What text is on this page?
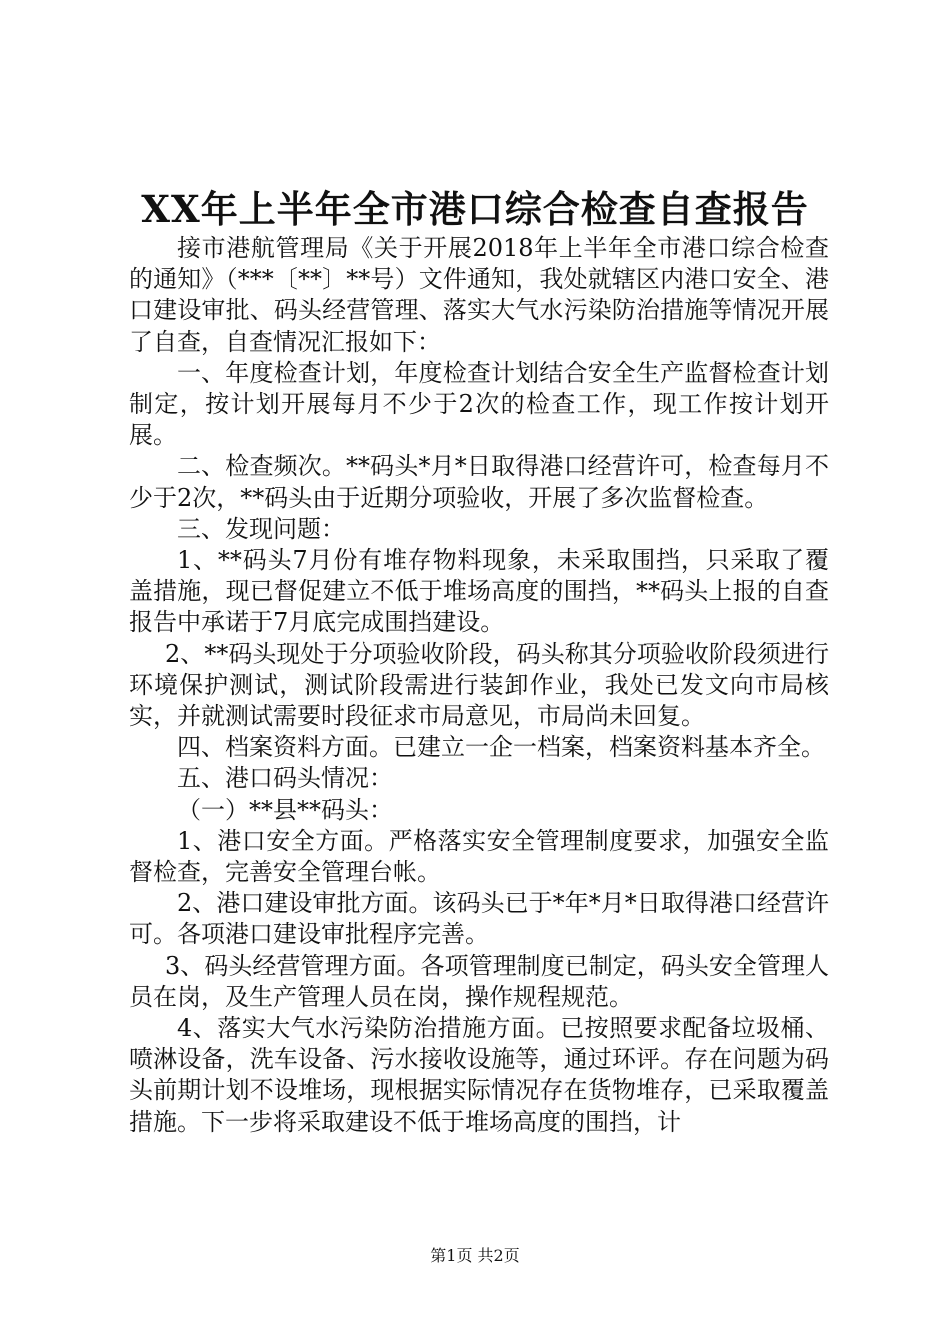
XX年上半年全市港口综合检查自查报告

接市港航管理局《关于开展2018年上半年全市港口综合检查的通知》（***〔**〕**号）文件通知，我处就辖区内港口安全、港口建设审批、码头经营管理、落实大气水污染防治措施等情况开展了自查，自查情况汇报如下：

一、年度检查计划，年度检查计划结合安全生产监督检查计划制定，按计划开展每月不少于2次的检查工作，现工作按计划开展。

二、检查频次。**码头*月*日取得港口经营许可，检查每月不少于2次，**码头由于近期分项验收，开展了多次监督检查。

三、发现问题：

1、**码头7月份有堆存物料现象，未采取围挡，只采取了覆盖措施，现已督促建立不低于堆场高度的围挡，**码头上报的自查报告中承诺于7月底完成围挡建设。

2、**码头现处于分项验收阶段，码头称其分项验收阶段须进行环境保护测试，测试阶段需进行装卸作业，我处已发文向市局核实，并就测试需要时段征求市局意见，市局尚未回复。

四、档案资料方面。已建立一企一档案，档案资料基本齐全。

五、港口码头情况：

（一）**县**码头：

1、港口安全方面。严格落实安全管理制度要求，加强安全监督检查，完善安全管理台帐。

2、港口建设审批方面。该码头已于*年*月*日取得港口经营许可。各项港口建设审批程序完善。

3、码头经营管理方面。各项管理制度已制定，码头安全管理人员在岗，及生产管理人员在岗，操作规程规范。

4、落实大气水污染防治措施方面。已按照要求配备垃圾桶、喷淋设备，洗车设备、污水接收设施等，通过环评。存在问题为码头前期计划不设堆场，现根据实际情况存在货物堆存，已采取覆盖措施。下一步将采取建设不低于堆场高度的围挡，计

第1页 共2页
